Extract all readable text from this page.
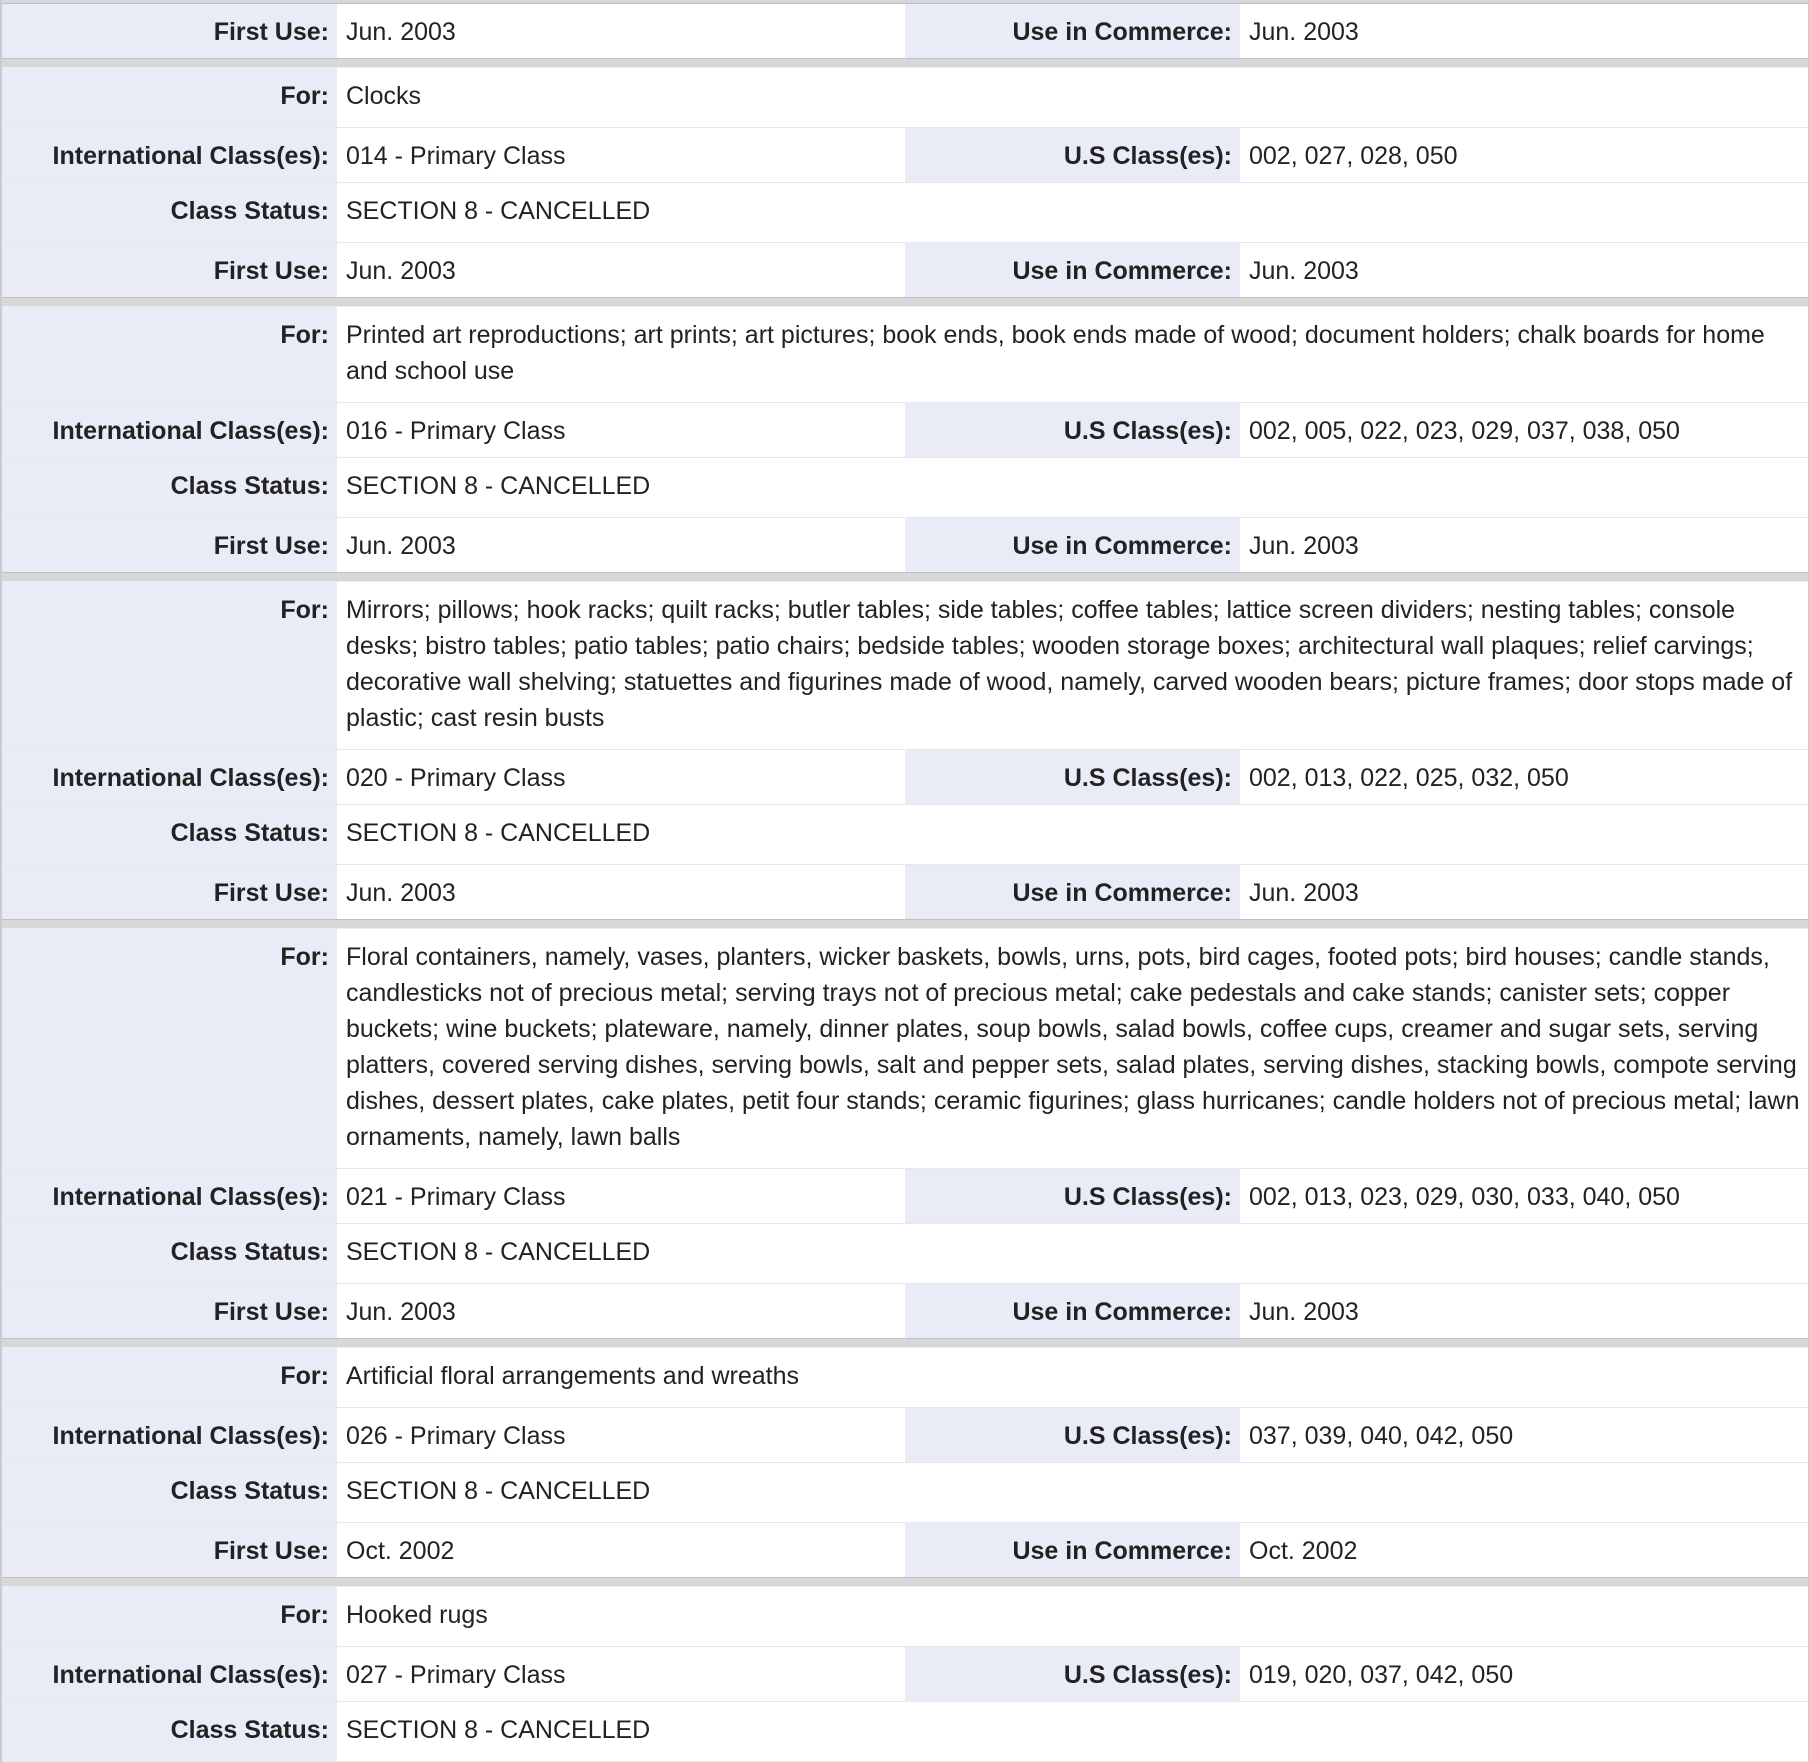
First Use: Jun. 2003	Use in Commerce: Jun. 2003
For: Clocks
International Class(es): 014 - Primary Class	U.S Class(es): 002, 027, 028, 050
Class Status: SECTION 8 - CANCELLED
First Use: Jun. 2003	Use in Commerce: Jun. 2003
For: Printed art reproductions; art prints; art pictures; book ends, book ends made of wood; document holders; chalk boards for home and school use
International Class(es): 016 - Primary Class	U.S Class(es): 002, 005, 022, 023, 029, 037, 038, 050
Class Status: SECTION 8 - CANCELLED
First Use: Jun. 2003	Use in Commerce: Jun. 2003
For: Mirrors; pillows; hook racks; quilt racks; butler tables; side tables; coffee tables; lattice screen dividers; nesting tables; console desks; bistro tables; patio tables; patio chairs; bedside tables; wooden storage boxes; architectural wall plaques; relief carvings; decorative wall shelving; statuettes and figurines made of wood, namely, carved wooden bears; picture frames; door stops made of plastic; cast resin busts
International Class(es): 020 - Primary Class	U.S Class(es): 002, 013, 022, 025, 032, 050
Class Status: SECTION 8 - CANCELLED
First Use: Jun. 2003	Use in Commerce: Jun. 2003
For: Floral containers, namely, vases, planters, wicker baskets, bowls, urns, pots, bird cages, footed pots; bird houses; candle stands, candlesticks not of precious metal; serving trays not of precious metal; cake pedestals and cake stands; canister sets; copper buckets; wine buckets; plateware, namely, dinner plates, soup bowls, salad bowls, coffee cups, creamer and sugar sets, serving platters, covered serving dishes, serving bowls, salt and pepper sets, salad plates, serving dishes, stacking bowls, compote serving dishes, dessert plates, cake plates, petit four stands; ceramic figurines; glass hurricanes; candle holders not of precious metal; lawn ornaments, namely, lawn balls
International Class(es): 021 - Primary Class	U.S Class(es): 002, 013, 023, 029, 030, 033, 040, 050
Class Status: SECTION 8 - CANCELLED
First Use: Jun. 2003	Use in Commerce: Jun. 2003
For: Artificial floral arrangements and wreaths
International Class(es): 026 - Primary Class	U.S Class(es): 037, 039, 040, 042, 050
Class Status: SECTION 8 - CANCELLED
First Use: Oct. 2002	Use in Commerce: Oct. 2002
For: Hooked rugs
International Class(es): 027 - Primary Class	U.S Class(es): 019, 020, 037, 042, 050
Class Status: SECTION 8 - CANCELLED
